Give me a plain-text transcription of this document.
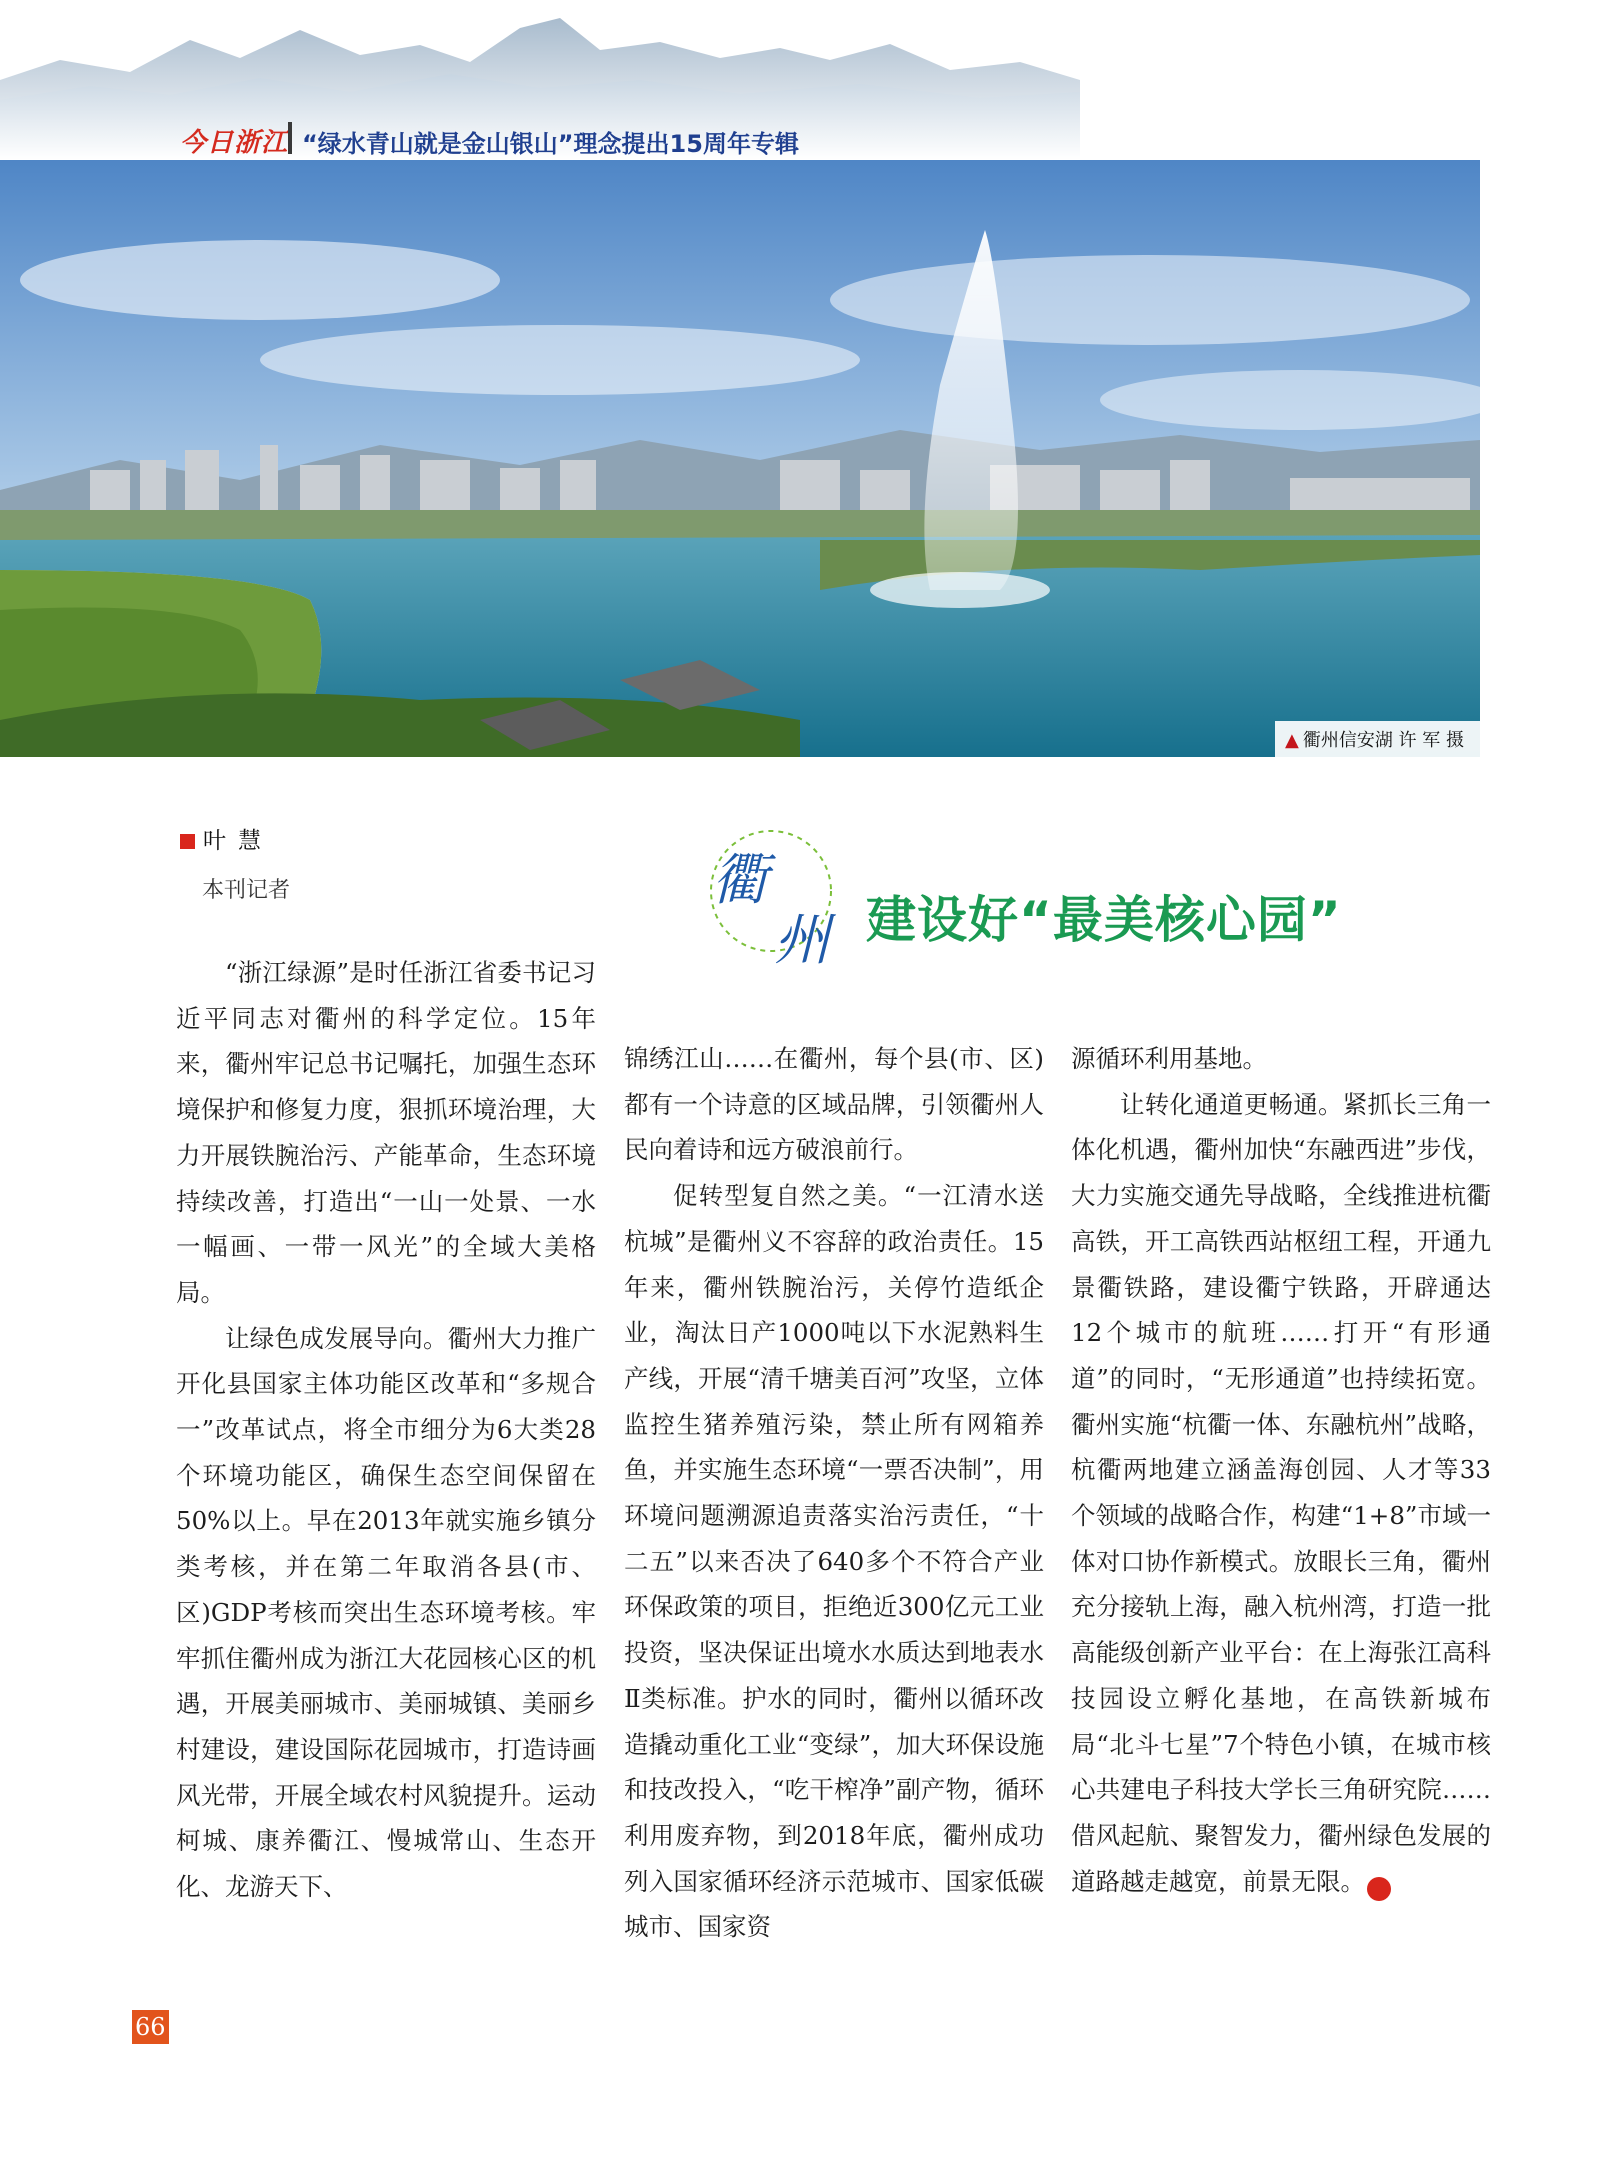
今日浙江 “绿水青山就是金山银山”理念提出15周年专辑
▲ 衢州信安湖 许 军 摄
叶慧
本刊记者	衢
州 建设好“最美核心园”

“浙江绿源”是时任浙江省委书记习近平同志对衢州的科学定位。15年来，衢州牢记总书记嘱托，加强生态环境保护和修复力度，狠抓环境治理，大力开展铁腕治污、产能革命，生态环境持续改善，打造出“一山一处景、一水一幅画、一带一风光”的全域大美格局。

让绿色成发展导向。衢州大力推广开化县国家主体功能区改革和“多规合一”改革试点，将全市细分为6大类28个环境功能区，确保生态空间保留在50%以上。早在2013年就实施乡镇分类考核，并在第二年取消各县(市、区)GDP考核而突出生态环境考核。牢牢抓住衢州成为浙江大花园核心区的机遇，开展美丽城市、美丽城镇、美丽乡村建设，建设国际花园城市，打造诗画风光带，开展全域农村风貌提升。运动柯城、康养衢江、慢城常山、生态开化、龙游天下、

锦绣江山……在衢州，每个县(市、区)都有一个诗意的区域品牌，引领衢州人民向着诗和远方破浪前行。

促转型复自然之美。“一江清水送杭城”是衢州义不容辞的政治责任。15年来，衢州铁腕治污，关停竹造纸企业，淘汰日产1000吨以下水泥熟料生产线，开展“清千塘美百河”攻坚，立体监控生猪养殖污染，禁止所有网箱养鱼，并实施生态环境“一票否决制”，用环境问题溯源追责落实治污责任，“十二五”以来否决了640多个不符合产业环保政策的项目，拒绝近300亿元工业投资，坚决保证出境水水质达到地表水Ⅱ类标准。护水的同时，衢州以循环改造撬动重化工业“变绿”，加大环保设施和技改投入，“吃干榨净”副产物，循环利用废弃物，到2018年底，衢州成功列入国家循环经济示范城市、国家低碳城市、国家资

源循环利用基地。

让转化通道更畅通。紧抓长三角一体化机遇，衢州加快“东融西进”步伐，大力实施交通先导战略，全线推进杭衢高铁，开工高铁西站枢纽工程，开通九景衢铁路，建设衢宁铁路，开辟通达12个城市的航班……打开“有形通道”的同时，“无形通道”也持续拓宽。衢州实施“杭衢一体、东融杭州”战略，杭衢两地建立涵盖海创园、人才等33个领域的战略合作，构建“1+8”市域一体对口协作新模式。放眼长三角，衢州充分接轨上海，融入杭州湾，打造一批高能级创新产业平台：在上海张江高科技园设立孵化基地，在高铁新城布局“北斗七星”7个特色小镇，在城市核心共建电子科技大学长三角研究院……借风起航、聚智发力，衢州绿色发展的道路越走越宽，前景无限。	今

66
